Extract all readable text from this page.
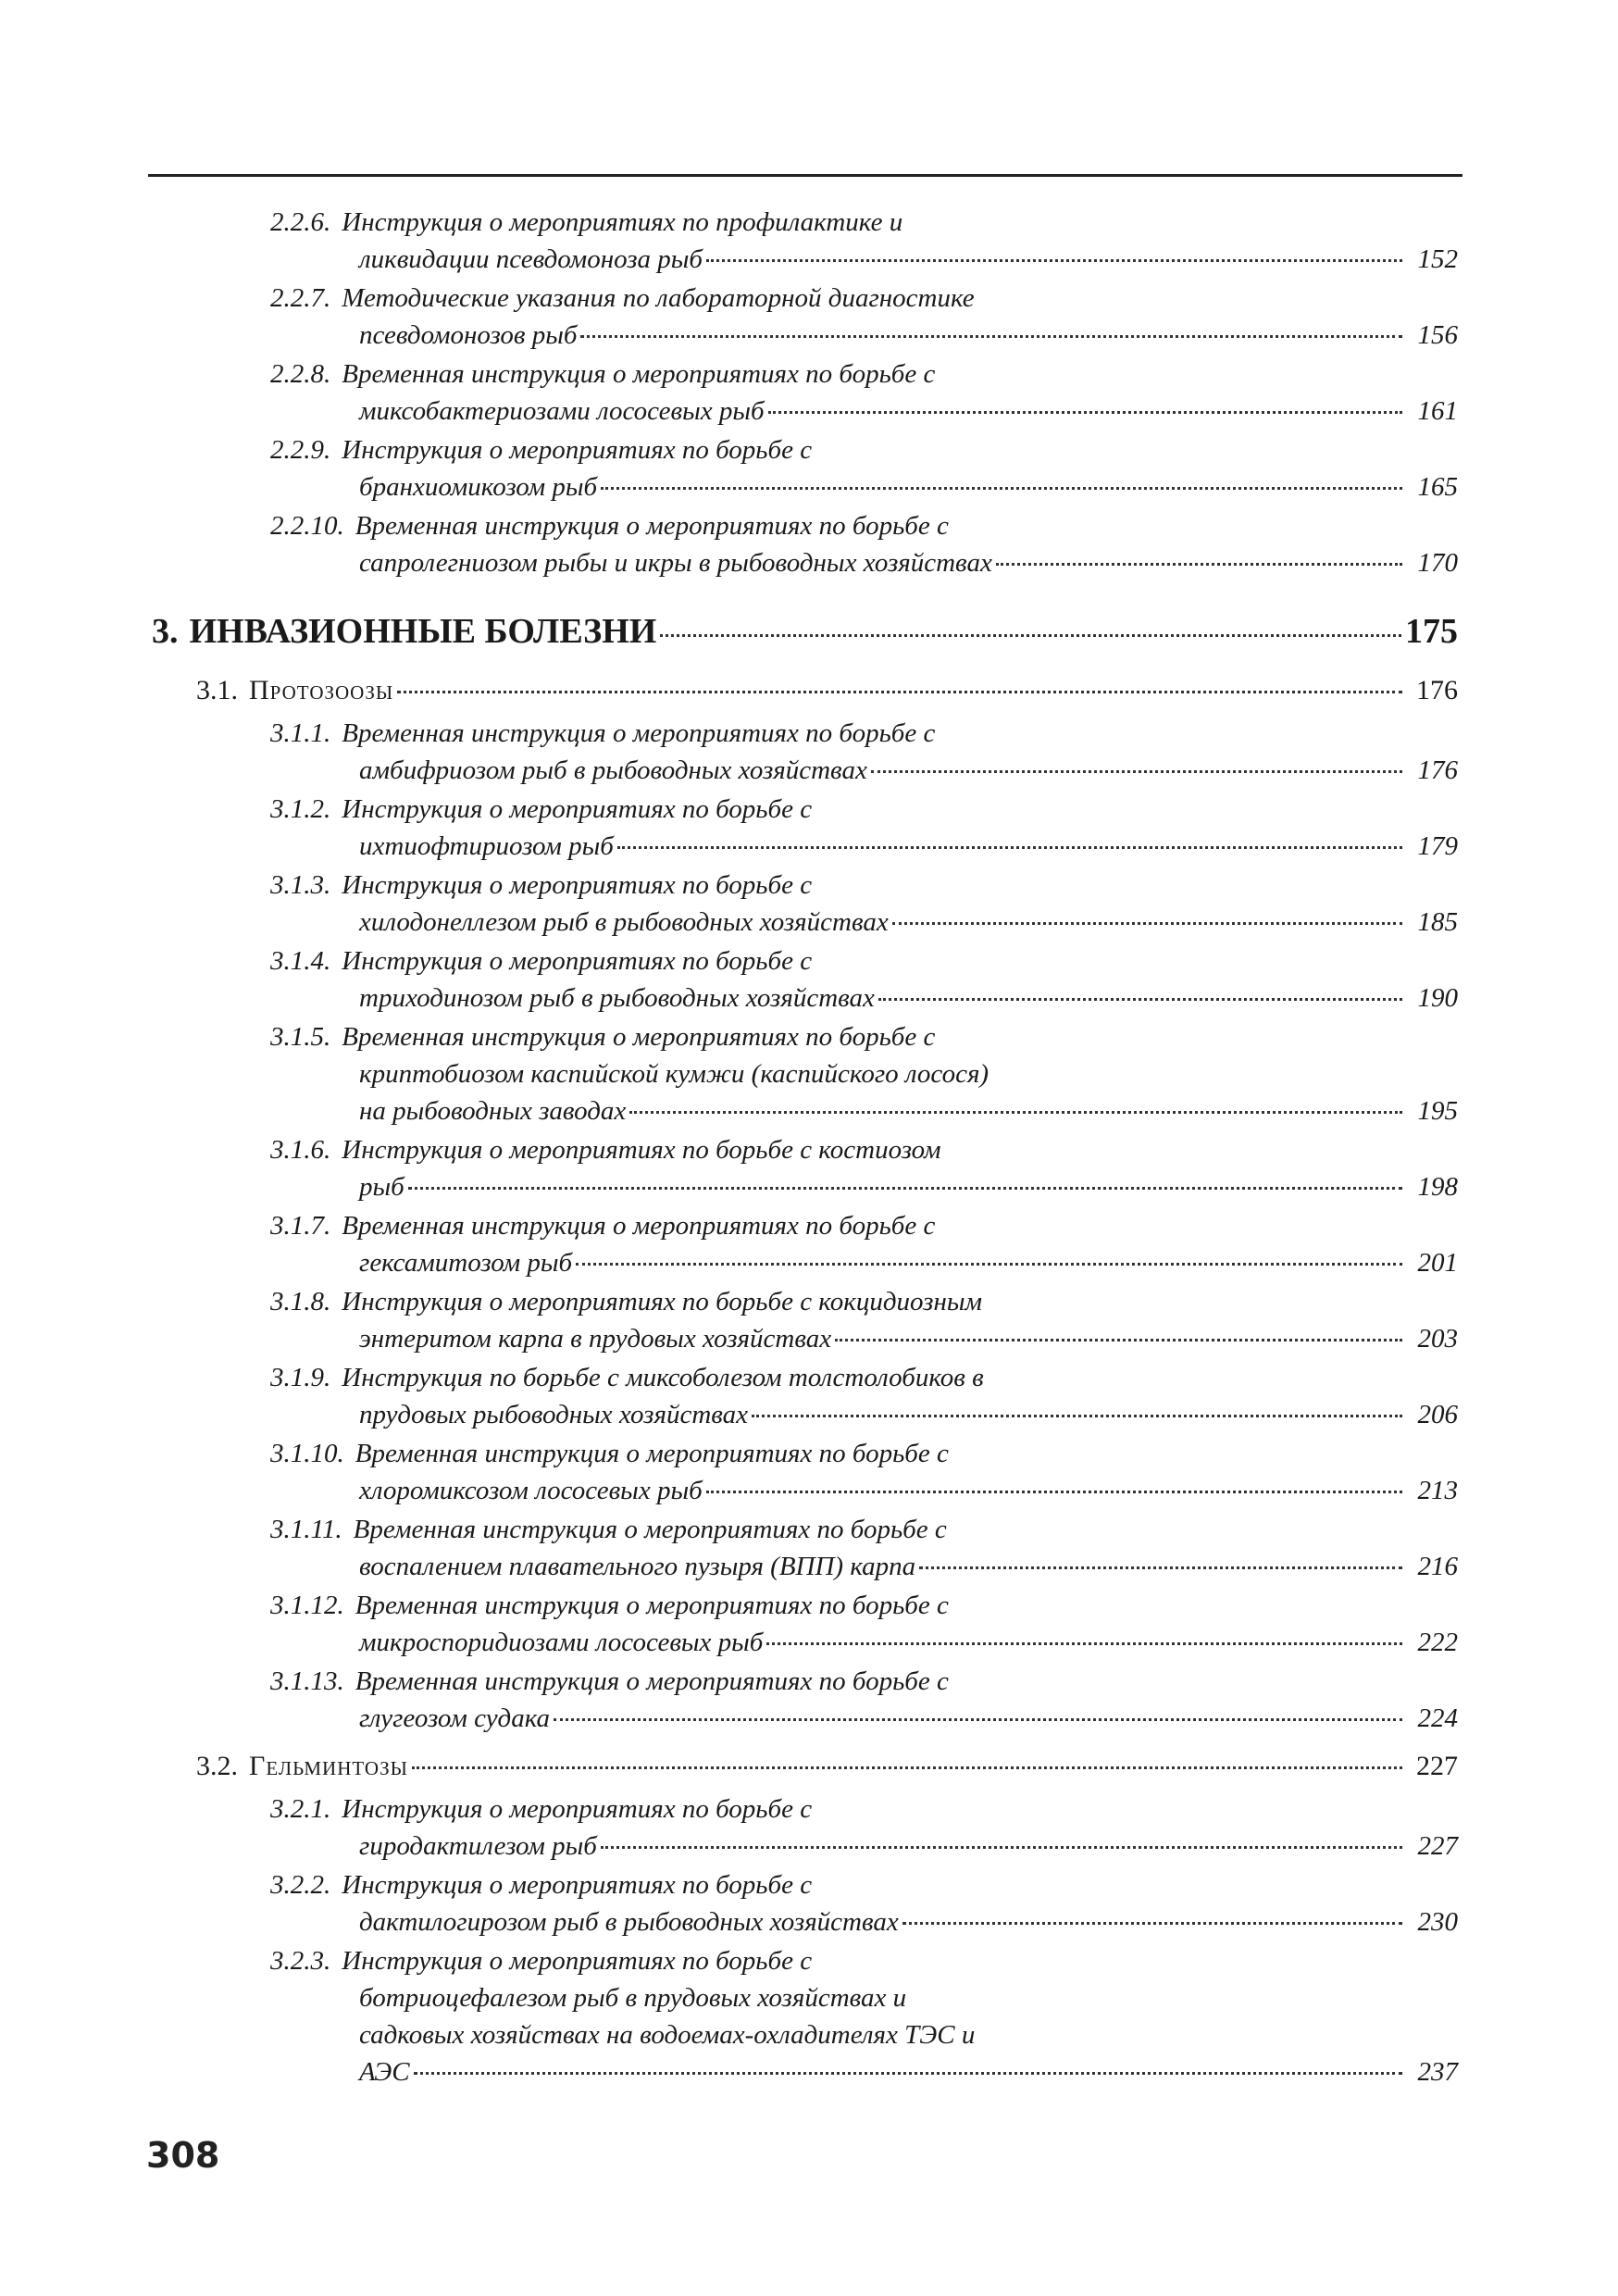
2.2.6. Инструкция о мероприятиях по профилактике и
ликвидации псевдомоноза рыб	152
2.2.7. Методические указания по лабораторной диагностике
псевдомонозов рыб	156
2.2.8. Временная инструкция о мероприятиях по борьбе с
миксобактериозами лососевых рыб	161
2.2.9. Инструкция о мероприятиях по борьбе с
бранхиомикозом рыб	165
2.2.10. Временная инструкция о мероприятиях по борьбе с
сапролегниозом рыбы и икры в рыбоводных хозяйствах	170
3. ИНВАЗИОННЫЕ БОЛЕЗНИ	175
3.1. Протозоозы	176
3.1.1. Временная инструкция о мероприятиях по борьбе с
амбифриозом рыб в рыбоводных хозяйствах	176
3.1.2. Инструкция о мероприятиях по борьбе с
ихтиофтириозом рыб	179
3.1.3. Инструкция о мероприятиях по борьбе с
хилодонеллезом рыб в рыбоводных хозяйствах	185
3.1.4. Инструкция о мероприятиях по борьбе с
триходинозом рыб в рыбоводных хозяйствах	190
3.1.5. Временная инструкция о мероприятиях по борьбе с
криптобиозом каспийской кумжи (каспийского лосося)
на рыбоводных заводах	195
3.1.6. Инструкция о мероприятиях по борьбе с костиозом
рыб	198
3.1.7. Временная инструкция о мероприятиях по борьбе с
гексамитозом рыб	201
3.1.8. Инструкция о мероприятиях по борьбе с кокцидиозным
энтеритом карпа в прудовых хозяйствах	203
3.1.9. Инструкция по борьбе с миксоболезом толстолобиков в
прудовых рыбоводных хозяйствах	206
3.1.10. Временная инструкция о мероприятиях по борьбе с
хлоромиксозом лососевых рыб	213
3.1.11. Временная инструкция о мероприятиях по борьбе с
воспалением плавательного пузыря (ВПП) карпа	216
3.1.12. Временная инструкция о мероприятиях по борьбе с
микроспоридиозами лососевых рыб	222
3.1.13. Временная инструкция о мероприятиях по борьбе с
глугеозом судака	224
3.2. Гельминтозы	227
3.2.1. Инструкция о мероприятиях по борьбе с
гиродактилезом рыб	227
3.2.2. Инструкция о мероприятиях по борьбе с
дактилогирозом рыб в рыбоводных хозяйствах	230
3.2.3. Инструкция о мероприятиях по борьбе с
ботриоцефалезом рыб в прудовых хозяйствах и
садковых хозяйствах на водоемах-охладителях ТЭС и
АЭС	237
308
